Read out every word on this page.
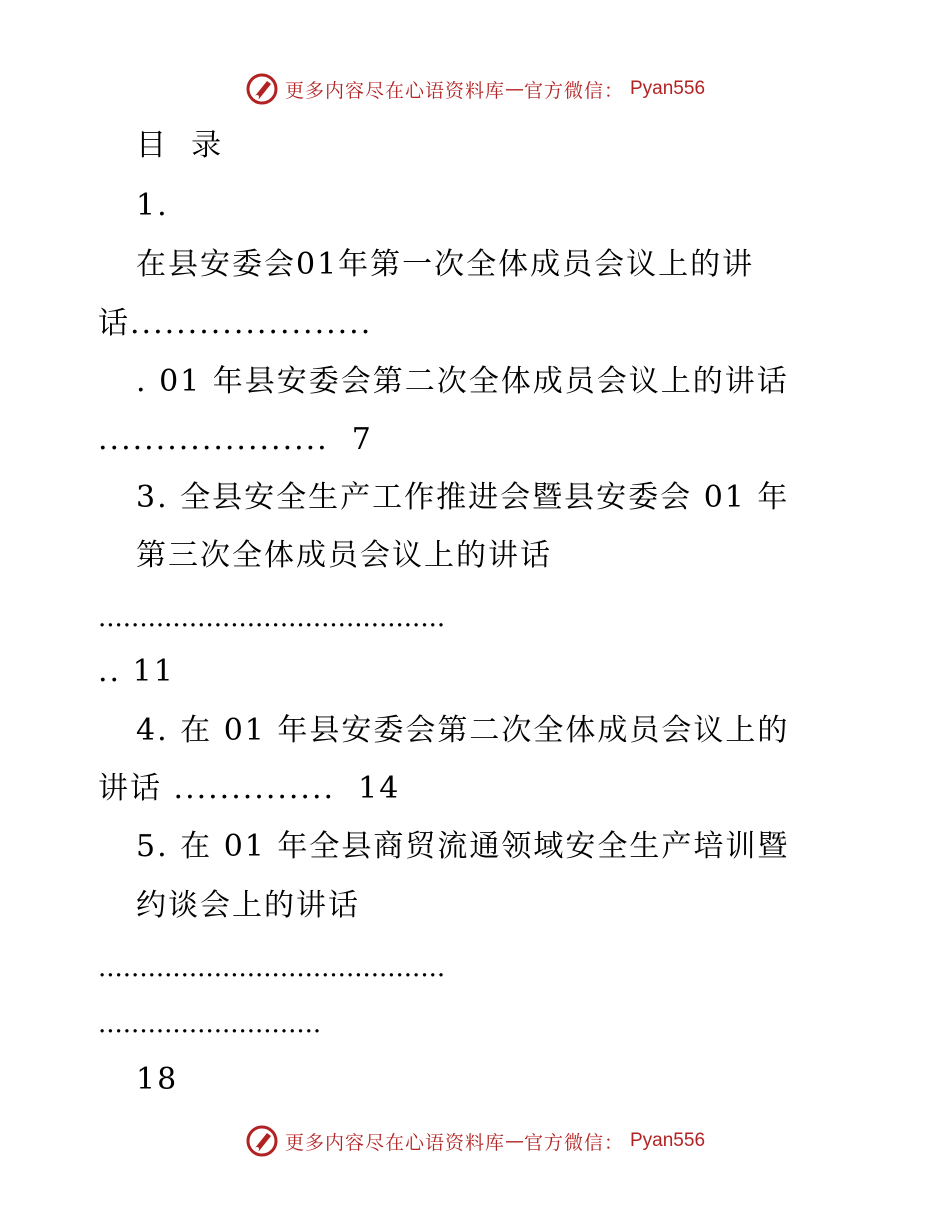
更多内容尽在心语资料库 — 官方微信： Pyan556
目  录
1.
在县安委会01年第一次全体成员会议上的讲
话.....................
. 01 年县安委会第二次全体成员会议上的讲话
....................  7
3. 全县安全生产工作推进会暨县安委会 01 年
第三次全体成员会议上的讲话
..........................................
.. 11
4. 在 01 年县安委会第二次全体成员会议上的
讲话 ..............  14
5. 在 01 年全县商贸流通领域安全生产培训暨
约谈会上的讲话
..........................................
...........................
18
更多内容尽在心语资料库 — 官方微信： Pyan556
